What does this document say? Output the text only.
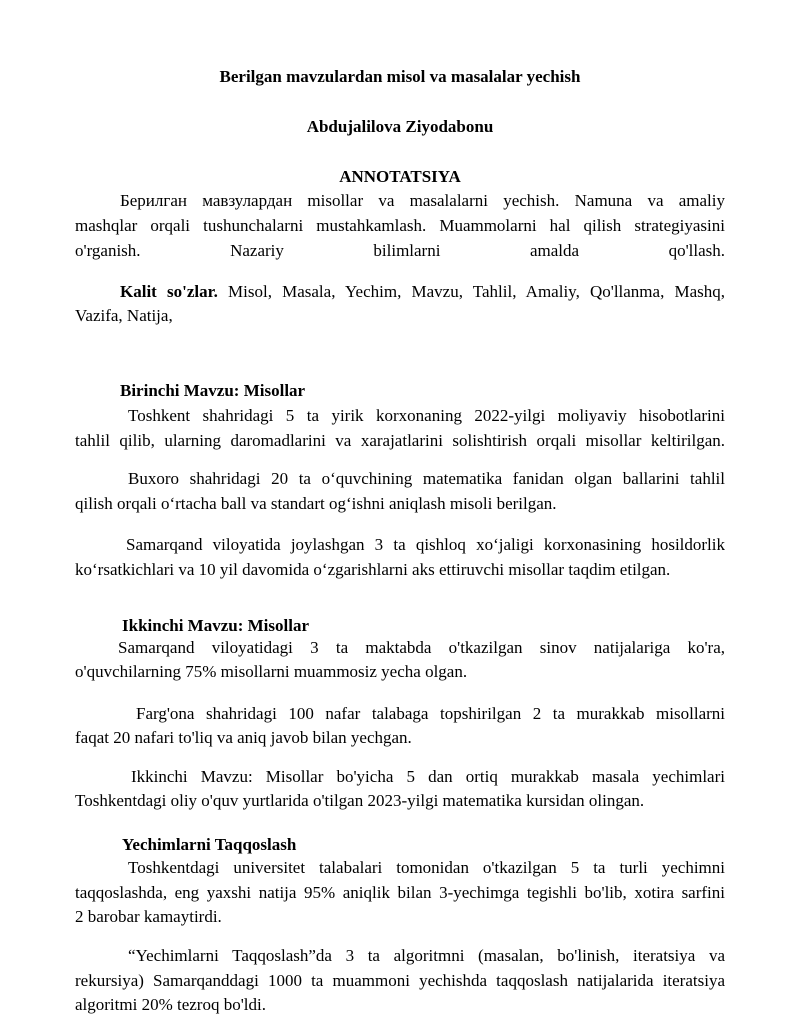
Berilgan mavzulardan misol va masalalar yechish
Abdujalilova Ziyodabonu
ANNOTATSIYA
Берилган мавзулардан misollar va masalalarni yechish. Namuna va amaliy
mashqlar orqali tushunchalarni mustahkamlash. Muammolarni hal qilish strategiyasini
o'rganish. Nazariy bilimlarni amalda qo'llash.
Kalit so'zlar. Misol, Masala, Yechim, Mavzu, Tahlil, Amaliy, Qo'llanma, Mashq,
Vazifa, Natija,
Birinchi Mavzu: Misollar
Toshkent shahridagi 5 ta yirik korxonaning 2022-yilgi moliyaviy hisobotlarini
tahlil qilib, ularning daromadlarini va xarajatlarini solishtirish orqali misollar keltirilgan.
Buxoro shahridagi 20 ta o‘quvchining matematika fanidan olgan ballarini tahlil
qilish orqali o‘rtacha ball va standart og‘ishni aniqlash misoli berilgan.
Samarqand viloyatida joylashgan 3 ta qishloq xo‘jaligi korxonasining hosildorlik
ko‘rsatkichlari va 10 yil davomida o‘zgarishlarni aks ettiruvchi misollar taqdim etilgan.
Ikkinchi Mavzu: Misollar
Samarqand viloyatidagi 3 ta maktabda o'tkazilgan sinov natijalariga ko'ra,
o'quvchilarning 75% misollarni muammosiz yecha olgan.
Farg'ona shahridagi 100 nafar talabaga topshirilgan 2 ta murakkab misollarni
faqat 20 nafari to'liq va aniq javob bilan yechgan.
Ikkinchi Mavzu: Misollar bo'yicha 5 dan ortiq murakkab masala yechimlari
Toshkentdagi oliy o'quv yurtlarida o'tilgan 2023-yilgi matematika kursidan olingan.
Yechimlarni Taqqoslash
Toshkentdagi universitet talabalari tomonidan o'tkazilgan 5 ta turli yechimni
taqqoslashda, eng yaxshi natija 95% aniqlik bilan 3-yechimga tegishli bo'lib, xotira sarfini
2 barobar kamaytirdi.
“Yechimlarni Taqqoslash”da 3 ta algoritmni (masalan, bo'linish, iteratsiya va
rekursiya) Samarqanddagi 1000 ta muammoni yechishda taqqoslash natijalarida iteratsiya
algoritmi 20% tezroq bo'ldi.
